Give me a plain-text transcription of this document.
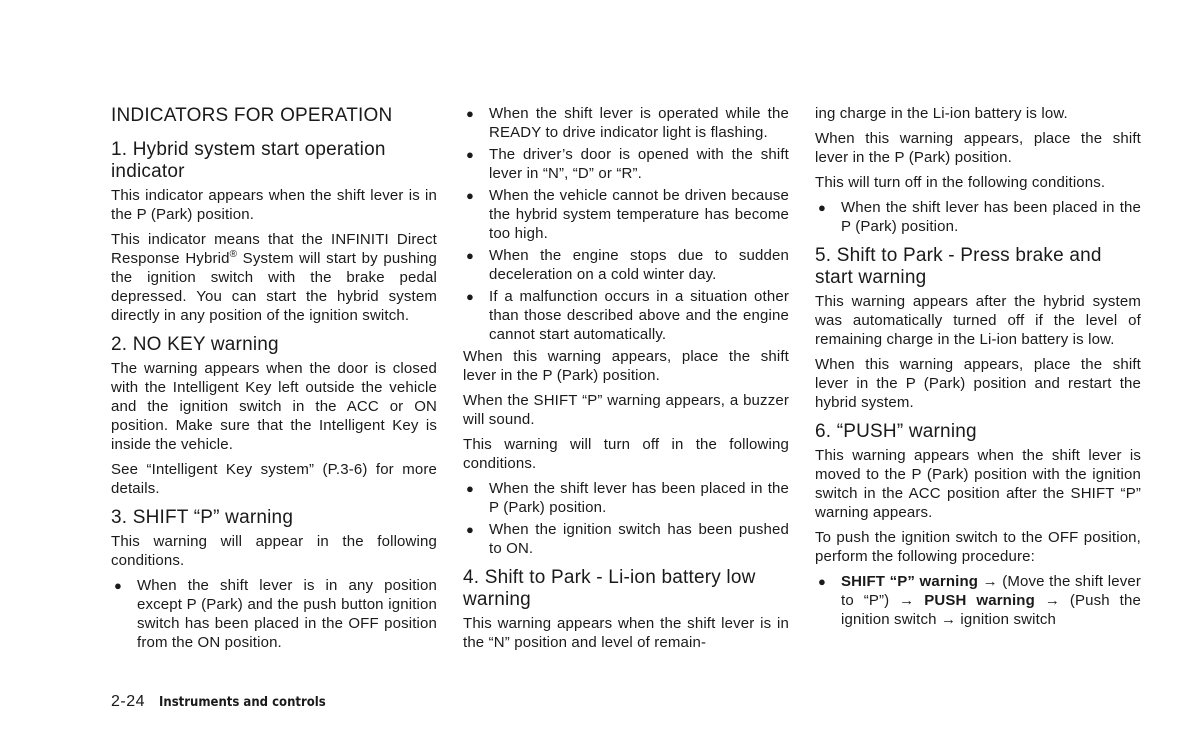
INDICATORS FOR OPERATION
1. Hybrid system start operation indicator

This indicator appears when the shift lever is in the P (Park) position.

This indicator means that the INFINITI Direct Response Hybrid® System will start by pushing the ignition switch with the brake pedal depressed. You can start the hybrid system directly in any position of the ignition switch.

2. NO KEY warning

The warning appears when the door is closed with the Intelligent Key left outside the vehicle and the ignition switch in the ACC or ON position. Make sure that the Intelligent Key is inside the vehicle.

See “Intelligent Key system” (P.3-6) for more details.

3. SHIFT “P” warning

This warning will appear in the following conditions.

● When the shift lever is in any position except P (Park) and the push button ignition switch has been placed in the OFF position from the ON position.
● When the shift lever is operated while the READY to drive indicator light is flashing.
● The driver’s door is opened with the shift lever in “N”, “D” or “R”.
● When the vehicle cannot be driven because the hybrid system temperature has become too high.
● When the engine stops due to sudden deceleration on a cold winter day.
● If a malfunction occurs in a situation other than those described above and the engine cannot start automatically.

When this warning appears, place the shift lever in the P (Park) position.

When the SHIFT “P” warning appears, a buzzer will sound.

This warning will turn off in the following conditions.

● When the shift lever has been placed in the P (Park) position.
● When the ignition switch has been pushed to ON.
4. Shift to Park - Li-ion battery low warning

This warning appears when the shift lever is in the “N” position and level of remain-

ing charge in the Li-ion battery is low.

When this warning appears, place the shift lever in the P (Park) position.

This will turn off in the following conditions.

● When the shift lever has been placed in the P (Park) position.
5. Shift to Park - Press brake and start warning

This warning appears after the hybrid system was automatically turned off if the level of remaining charge in the Li-ion battery is low.

When this warning appears, place the shift lever in the P (Park) position and restart the hybrid system.

6. “PUSH” warning

This warning appears when the shift lever is moved to the P (Park) position with the ignition switch in the ACC position after the SHIFT “P” warning appears.

To push the ignition switch to the OFF position, perform the following procedure:

● SHIFT “P” warning → (Move the shift lever to “P”) → PUSH warning → (Push the ignition switch → ignition switch
2-24 Instruments and controls
